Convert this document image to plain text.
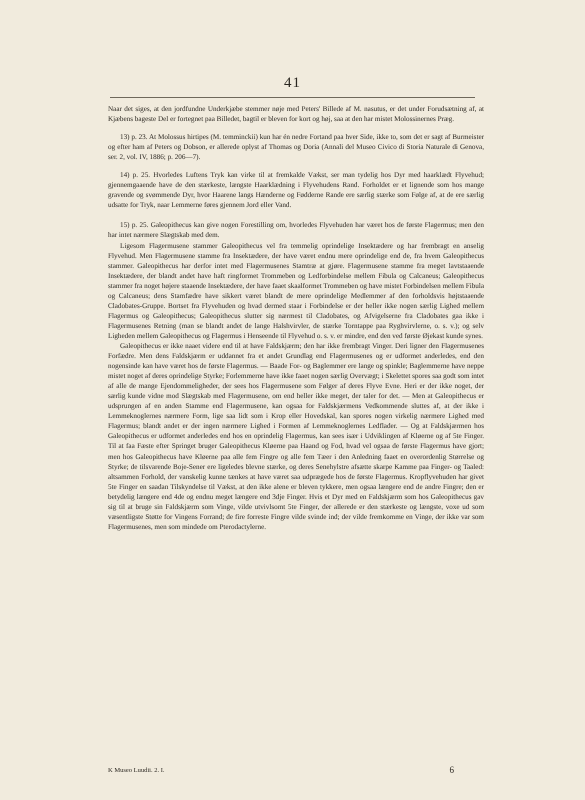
41

Naar det siges, at den jordfundne Underkjæbe stemmer nøje med Peters' Billede af M. nasutus, er det under Forudsætning af, at Kjæbens bageste Del er fortegnet paa Billedet, bagtil er bleven for kort og høj, saa at den har mistet Molossinernes Præg.

13) p. 23. At Molossus hirtipes (M. temminckii) kun har én nedre Fortand paa hver Side, ikke to, som det er sagt af Burmeister og efter ham af Peters og Dobson, er allerede oplyst af Thomas og Doria (Annali del Museo Civico di Storia Naturale di Genova, ser. 2, vol. IV, 1886; p. 206—7).

14) p. 25. Hvorledes Luftens Tryk kan virke til at fremkalde Vækst, ser man tydelig hos Dyr med haarklædt Flyvehud; gjennemgaaende have de den stærkeste, længste Haarklædning i Flyvehudens Rand. Forholdet er et lignende som hos mange gravende og svømmende Dyr, hvor Haarene langs Hænderne og Fødderne Rande ere særlig stærke som Følge af, at de ere særlig udsatte for Tryk, naar Lemmerne føres gjennem Jord eller Vand.

15) p. 25. Galeopithecus kan give nogen Forestilling om, hvorledes Flyvehuden har været hos de første Flagermus; men den har intet nærmere Slægtskab med dem.

Ligesom Flagermusene stammer Galeopithecus vel fra temmelig oprindelige Insektædere og har frembragt en anselig Flyvehud. Men Flagermusene stamme fra Insektædere, der have været endnu mere oprindelige end de, fra hvem Galeopithecus stammer. Galeopithecus har derfor intet med Flagermusenes Stamtræ at gjøre. Flagermusene stamme fra meget lavtstaaende Insektædere, der blandt andet have haft ringformet Trommeben og Ledforbindelse mellem Fibula og Calcaneus; Galeopithecus stammer fra noget højere staaende Insektædere, der have faaet skaalformet Trommeben og have mistet Forbindelsen mellem Fibula og Calcaneus; dens Stamfædre have sikkert været blandt de mere oprindelige Medlemmer af den forholdsvis højtstaaende Cladobates-Gruppe. Bortset fra Flyvehuden og hvad dermed staar i Forbindelse er der heller ikke nogen særlig Lighed mellem Flagermus og Galeopithecus; Galeopithecus slutter sig nærmest til Cladobates, og Afvigelserne fra Cladobates gaa ikke i Flagermusenes Retning (man se blandt andet de lange Halshvirvler, de stærke Torntappe paa Ryghvirvlerne, o. s. v.); og selv Ligheden mellem Galeopithecus og Flagermus i Henseende til Flyvehud o. s. v. er mindre, end den ved første Øjekast kunde synes.

Galeopithecus er ikke naaet videre end til at have Faldskjærm; den har ikke frembragt Vinger. Deri ligner den Flagermusenes Forfædre. Men dens Faldskjærm er uddannet fra et andet Grundlag end Flagermusenes og er udformet anderledes, end den nogensinde kan have været hos de første Flagermus. — Baade For- og Baglemmer ere lange og spinkle; Baglemmerne have neppe mistet noget af deres oprindelige Styrke; Forlemmerne have ikke faaet nogen særlig Overvægt; i Skelettet spores saa godt som intet af alle de mange Ejendommeligheder, der sees hos Flagermusene som Følger af deres Flyve Evne. Heri er der ikke noget, der særlig kunde vidne mod Slægtskab med Flagermusene, om end heller ikke meget, der taler for det. — Men at Galeopithecus er udsprungen af en anden Stamme end Flagermusene, kan ogsaa for Faldskjærmens Vedkommende sluttes af, at der ikke i Lemmeknoglernes nærmere Form, lige saa lidt som i Krop eller Hovedskal, kan spores nogen virkelig nærmere Lighed med Flagermus; blandt andet er der ingen nærmere Lighed i Formen af Lemmeknoglernes Ledflader. — Og at Faldskjærmen hos Galeopithecus er udformet anderledes end hos en oprindelig Flagermus, kan sees især i Udviklingen af Kløerne og af 5te Finger. Til at faa Fæste efter Springet bruger Galeopithecus Kløerne paa Haand og Fod, hvad vel ogsaa de første Flagermus have gjort; men hos Galeopithecus have Kløerne paa alle fem Fingre og alle fem Tæer i den Anledning faaet en overordenlig Størrelse og Styrke; de tilsvarende Boje-Sener ere ligeledes blevne stærke, og deres Senehylstre afsætte skarpe Kamme paa Finger- og Taaled: altsammen Forhold, der vanskelig kunne tænkes at have været saa udprægede hos de første Flagermus. Kropflyvehuden har givet 5te Finger en saadan Tilskyndelse til Vækst, at den ikke alene er bleven tykkere, men ogsaa længere end de andre Fingre; den er betydelig længere end 4de og endnu meget længere end 3dje Finger. Hvis et Dyr med en Faldskjærm som hos Galeopithecus gav sig til at bruge sin Faldskjærm som Vinge, vilde utvivlsomt 5te Finger, der allerede er den stærkeste og længste, voxe ud som væsentligste Støtte for Vingens Forrand; de fire forreste Fingre vilde svinde ind; der vilde fremkomme en Vinge, der ikke var som Flagermusenes, men som mindede om Pterodactylerne.

K Museo Luudii. 2. I.	6
